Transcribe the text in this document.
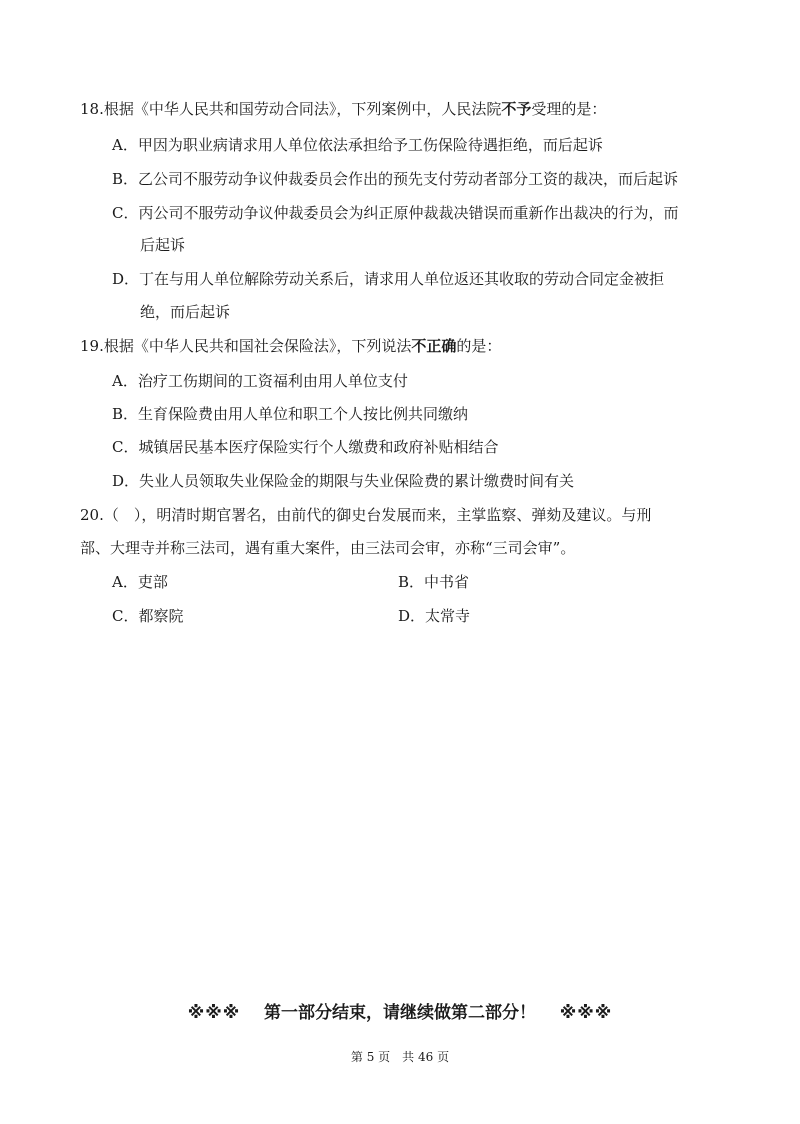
18.根据《中华人民共和国劳动合同法》，下列案例中，人民法院不予受理的是：
A．甲因为职业病请求用人单位依法承担给予工伤保险待遇拒绝，而后起诉
B．乙公司不服劳动争议仲裁委员会作出的预先支付劳动者部分工资的裁决，而后起诉
C．丙公司不服劳动争议仲裁委员会为纠正原仲裁裁决错误而重新作出裁决的行为，而
后起诉
D．丁在与用人单位解除劳动关系后，请求用人单位返还其收取的劳动合同定金被拒
绝，而后起诉
19.根据《中华人民共和国社会保险法》，下列说法不正确的是：
A．治疗工伤期间的工资福利由用人单位支付
B．生育保险费由用人单位和职工个人按比例共同缴纳
C．城镇居民基本医疗保险实行个人缴费和政府补贴相结合
D．失业人员领取失业保险金的期限与失业保险费的累计缴费时间有关
20.（　），明清时期官署名，由前代的御史台发展而来，主掌监察、弹劾及建议。与刑
部、大理寺并称三法司，遇有重大案件，由三法司会审，亦称“三司会审”。
A．吏部	B．中书省
C．都察院	D．太常寺
※※※ 第一部分结束，请继续做第二部分！ ※※※
第 5 页　共 46 页
